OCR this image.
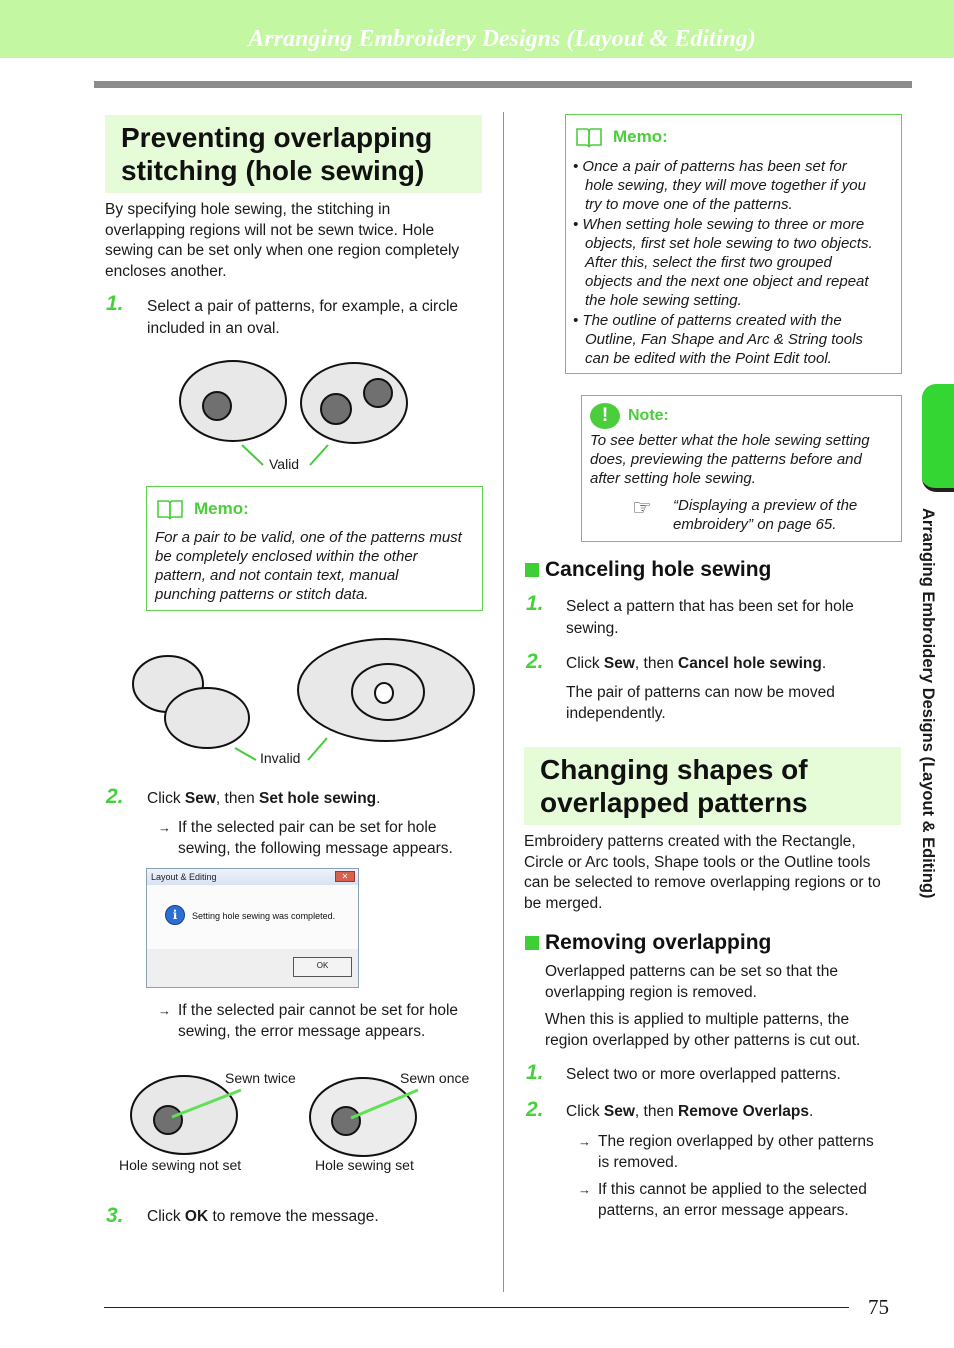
Arranging Embroidery Designs (Layout & Editing)
Arranging Embroidery Designs (Layout & Editing)
Preventing overlapping
stitching (hole sewing)
By specifying hole sewing, the stitching in
overlapping regions will not be sewn twice. Hole
sewing can be set only when one region completely
encloses another.
1. Select a pair of patterns, for example, a circle
included in an oval.
Valid
Memo:
For a pair to be valid, one of the patterns must
be completely enclosed within the other
pattern, and not contain text, manual
punching patterns or stitch data.
Invalid
2. Click Sew, then Set hole sewing.
→ If the selected pair can be set for hole
sewing, the following message appears.
Layout & Editing	✕
i	Setting hole sewing was completed.
OK
→ If the selected pair cannot be set for hole
sewing, the error message appears.
Sewn twice	Sewn once
Hole sewing not set	Hole sewing set
3. Click OK to remove the message.
Memo:
• Once a pair of patterns has been set for
hole sewing, they will move together if you
try to move one of the patterns.
• When setting hole sewing to three or more
objects, first set hole sewing to two objects.
After this, select the first two grouped
objects and the next one object and repeat
the hole sewing setting.
• The outline of patterns created with the
Outline, Fan Shape and Arc & String tools
can be edited with the Point Edit tool.
!	Note:
To see better what the hole sewing setting
does, previewing the patterns before and
after setting hole sewing.
☞ “Displaying a preview of the
embroidery” on page 65.
Canceling hole sewing
1. Select a pattern that has been set for hole
sewing.
2. Click Sew, then Cancel hole sewing.
The pair of patterns can now be moved
independently.
Changing shapes of
overlapped patterns
Embroidery patterns created with the Rectangle,
Circle or Arc tools, Shape tools or the Outline tools
can be selected to remove overlapping regions or to
be merged.
Removing overlapping
Overlapped patterns can be set so that the
overlapping region is removed.
When this is applied to multiple patterns, the
region overlapped by other patterns is cut out.
1. Select two or more overlapped patterns.
2. Click Sew, then Remove Overlaps.
→ The region overlapped by other patterns
is removed.
→ If this cannot be applied to the selected
patterns, an error message appears.
75
